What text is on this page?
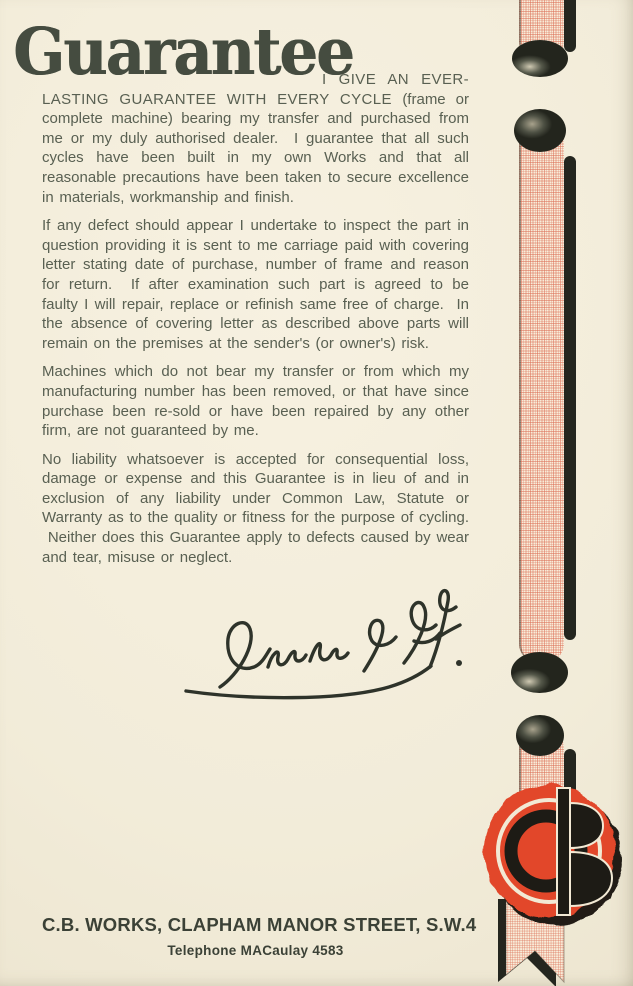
Guarantee

I GIVE AN EVER-LASTING GUARANTEE WITH EVERY CYCLE (frame or complete machine) bearing my transfer and purchased from me or my duly authorised dealer.  I guarantee that all such cycles have been built in my own Works and that all reasonable precautions have been taken to secure excellence in materials, workmanship and finish.

If any defect should appear I undertake to inspect the part in question providing it is sent to me carriage paid with covering letter stating date of purchase, number of frame and reason for return.  If after examination such part is agreed to be faulty I will repair, replace or refinish same free of charge.  In the absence of covering letter as described above parts will remain on the premises at the sender's (or owner's) risk.

Machines which do not bear my transfer or from which my manufacturing number has been removed, or that have since purchase been re-sold or have been repaired by any other firm, are not guaranteed by me.

No liability whatsoever is accepted for consequential loss, damage or expense and this Guarantee is in lieu of and in exclusion of any liability under Common Law, Statute or Warranty as to the quality or fitness for the purpose of cycling.  Neither does this Guarantee apply to defects caused by wear and tear, misuse or neglect.

C.B. WORKS, CLAPHAM MANOR STREET, S.W.4
Telephone MACaulay 4583
